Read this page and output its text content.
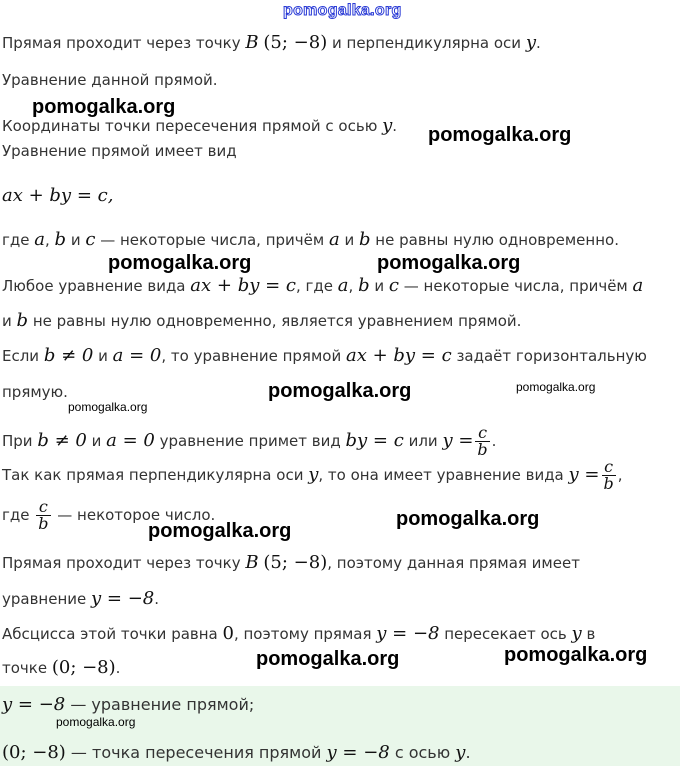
pomogalka.org
Прямая проходит через точку B (5; −8) и перпендикулярна оси y.
Уравнение данной прямой.
Координаты точки пересечения прямой с осью y.
Уравнение прямой имеет вид
ax + by = c,
где a, b и c — некоторые числа, причём a и b не равны нулю одновременно.
Любое уравнение вида ax + by = c, где a, b и c — некоторые числа, причём a
и b не равны нулю одновременно, является уравнением прямой.
Если b ≠ 0 и a = 0, то уравнение прямой ax + by = c задаёт горизонтальную
прямую.
При b ≠ 0 и a = 0 уравнение примет вид by = c или $y = \frac{c}{b}$ .
Так как прямая перпендикулярна оси y, то она имеет уравнение вида $y = \frac{c}{b}$ ,
где $\frac{c}{b}$ — некоторое число.
Прямая проходит через точку B (5; −8), поэтому данная прямая имеет
уравнение y = −8.
Абсцисса этой точки равна 0, поэтому прямая y = −8 пересекает ось y в
точке (0; −8).
y = −8 — уравнение прямой;
(0; −8) — точка пересечения прямой y = −8 с осью y.
pomogalka.org
pomogalka.org
pomogalka.org	pomogalka.org
pomogalka.org	pomogalka.org
pomogalka.org
pomogalka.org
pomogalka.org
pomogalka.org	pomogalka.org
pomogalka.org
